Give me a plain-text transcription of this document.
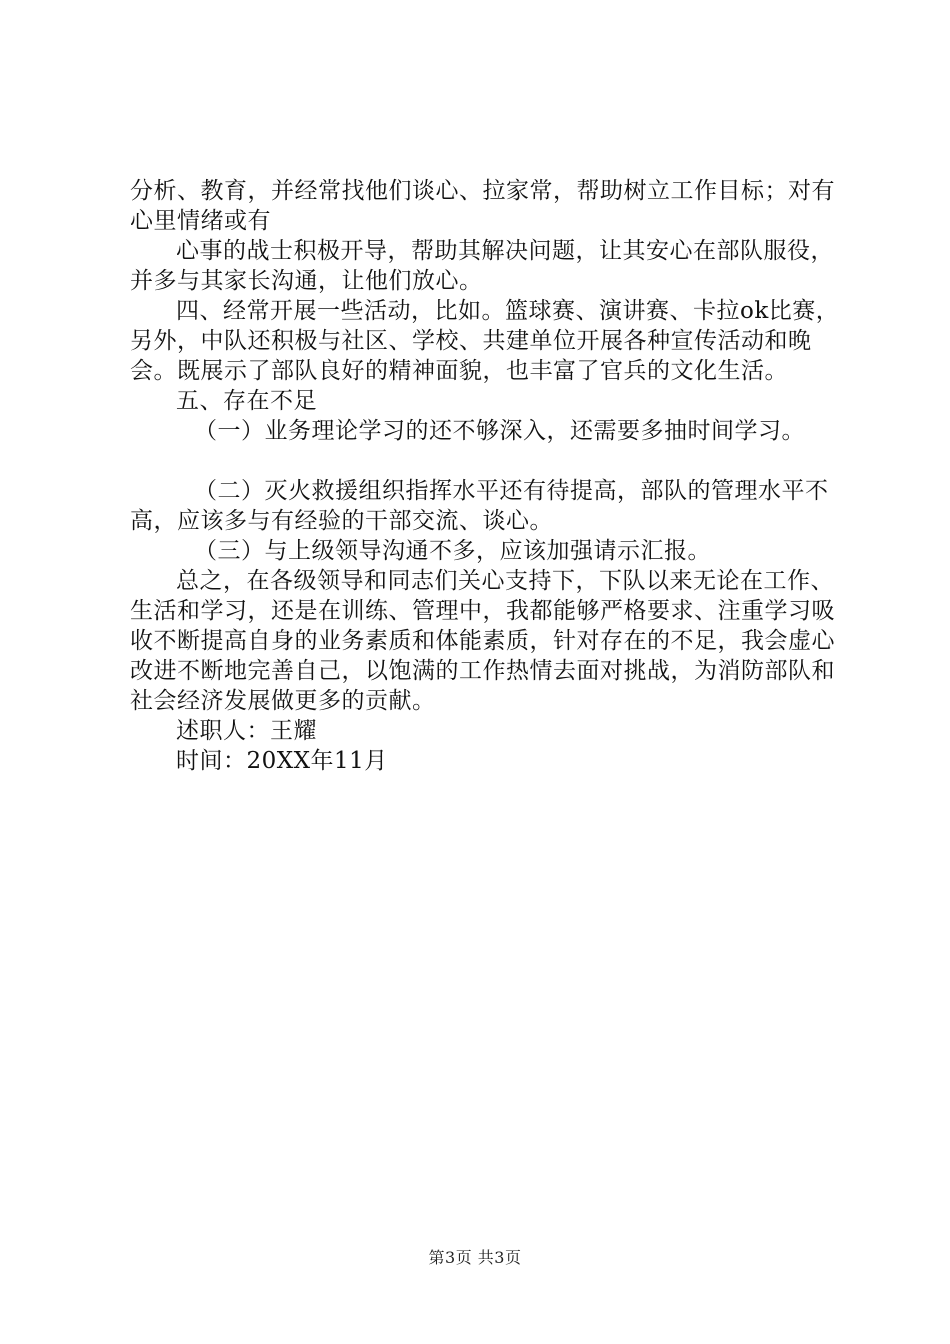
分析、教育，并经常找他们谈心、拉家常，帮助树立工作目标；对有心里情绪或有

心事的战士积极开导，帮助其解决问题，让其安心在部队服役，并多与其家长沟通，让他们放心。

四、经常开展一些活动，比如。篮球赛、演讲赛、卡拉ok比赛，另外，中队还积极与社区、学校、共建单位开展各种宣传活动和晚会。既展示了部队良好的精神面貌，也丰富了官兵的文化生活。

五、存在不足

（一）业务理论学习的还不够深入，还需要多抽时间学习。

（二）灭火救援组织指挥水平还有待提高，部队的管理水平不高，应该多与有经验的干部交流、谈心。

（三）与上级领导沟通不多，应该加强请示汇报。

总之，在各级领导和同志们关心支持下，下队以来无论在工作、生活和学习，还是在训练、管理中，我都能够严格要求、注重学习吸收不断提高自身的业务素质和体能素质，针对存在的不足，我会虚心改进不断地完善自己，以饱满的工作热情去面对挑战，为消防部队和社会经济发展做更多的贡献。

述职人：王耀

时间：20XX年11月

第3页 共3页
